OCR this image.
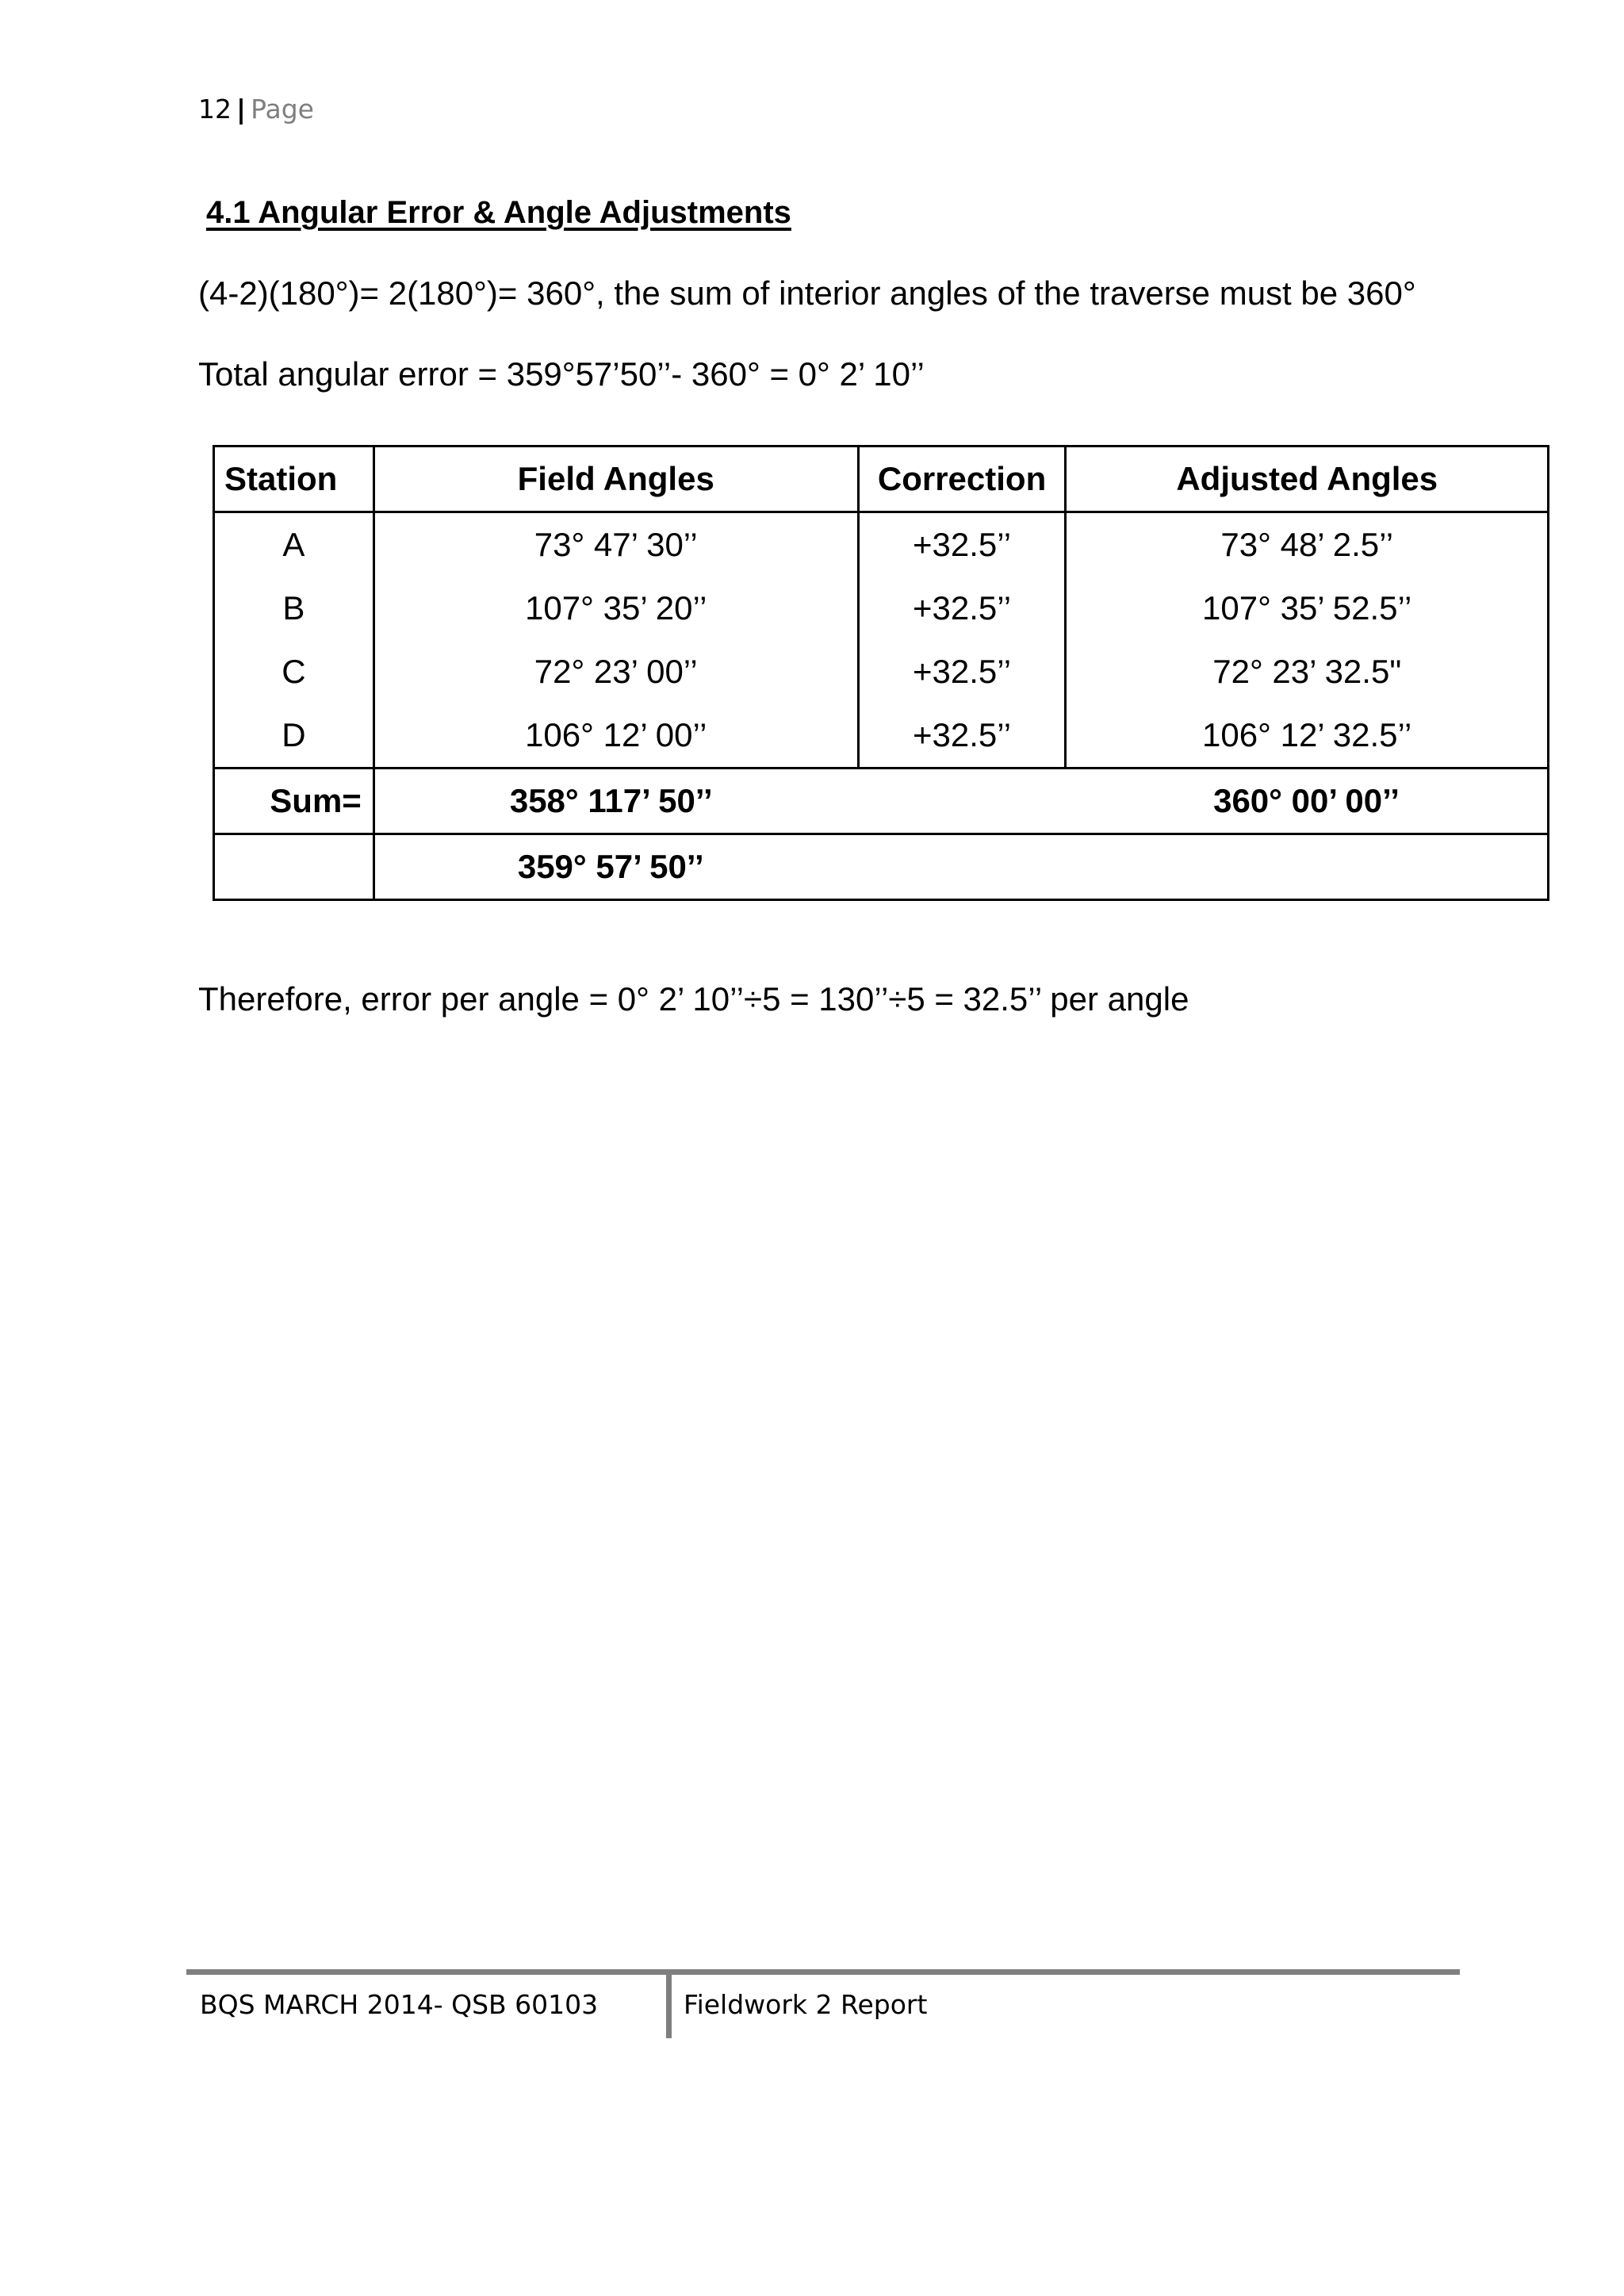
12 | Page
4.1 Angular Error & Angle Adjustments
(4-2)(180°)= 2(180°)= 360°, the sum of interior angles of the traverse must be 360°
Total angular error = 359°57’50’’- 360° = 0° 2’ 10’’
Station	Field Angles	Correction	Adjusted Angles
A	73° 47’ 30’’	+32.5’’	73° 48’ 2.5’’
B	107° 35’ 20’’	+32.5’’	107° 35’ 52.5’’
C	72° 23’ 00’’	+32.5’’	72° 23’ 32.5"
D	106° 12’ 00’’	+32.5’’	106° 12’ 32.5’’
Sum=	358° 117’ 50’’		360° 00’ 00’’
	359° 57’ 50’’		
Therefore, error per angle = 0° 2’ 10’’÷5 = 130’’÷5 = 32.5’’ per angle
BQS MARCH 2014- QSB 60103	Fieldwork 2 Report
